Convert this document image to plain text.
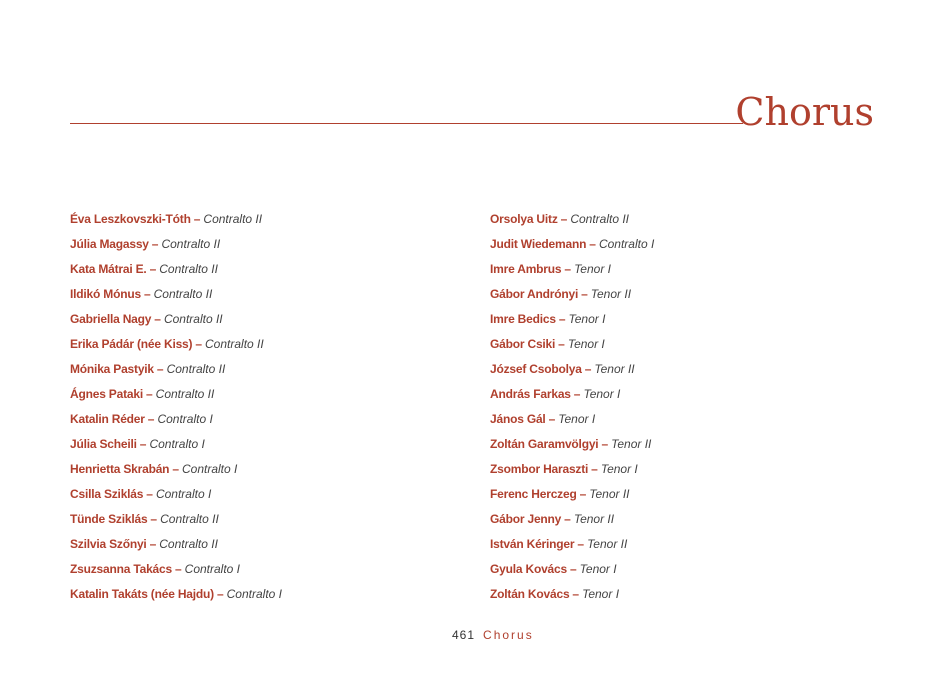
Chorus
Éva Leszkovszki-Tóth – Contralto II
Júlia Magassy – Contralto II
Kata Mátrai E. – Contralto II
Ildikó Mónus – Contralto II
Gabriella Nagy – Contralto II
Erika Pádár (née Kiss) – Contralto II
Mónika Pastyik – Contralto II
Ágnes Pataki – Contralto II
Katalin Réder – Contralto I
Júlia Scheili – Contralto I
Henrietta Skrabán – Contralto I
Csilla Sziklás – Contralto I
Tünde Sziklás – Contralto II
Szilvia Szőnyi – Contralto II
Zsuzsanna Takács – Contralto I
Katalin Takáts (née Hajdu) – Contralto I
Orsolya Uitz – Contralto II
Judit Wiedemann – Contralto I
Imre Ambrus – Tenor I
Gábor Andrónyi – Tenor II
Imre Bedics – Tenor I
Gábor Csiki – Tenor I
József Csobolya – Tenor II
András Farkas – Tenor I
János Gál – Tenor I
Zoltán Garamvölgyi – Tenor II
Zsombor Haraszti – Tenor I
Ferenc Herczeg – Tenor II
Gábor Jenny – Tenor II
István Kéringer – Tenor II
Gyula Kovács – Tenor I
Zoltán Kovács – Tenor I
461 Chorus
